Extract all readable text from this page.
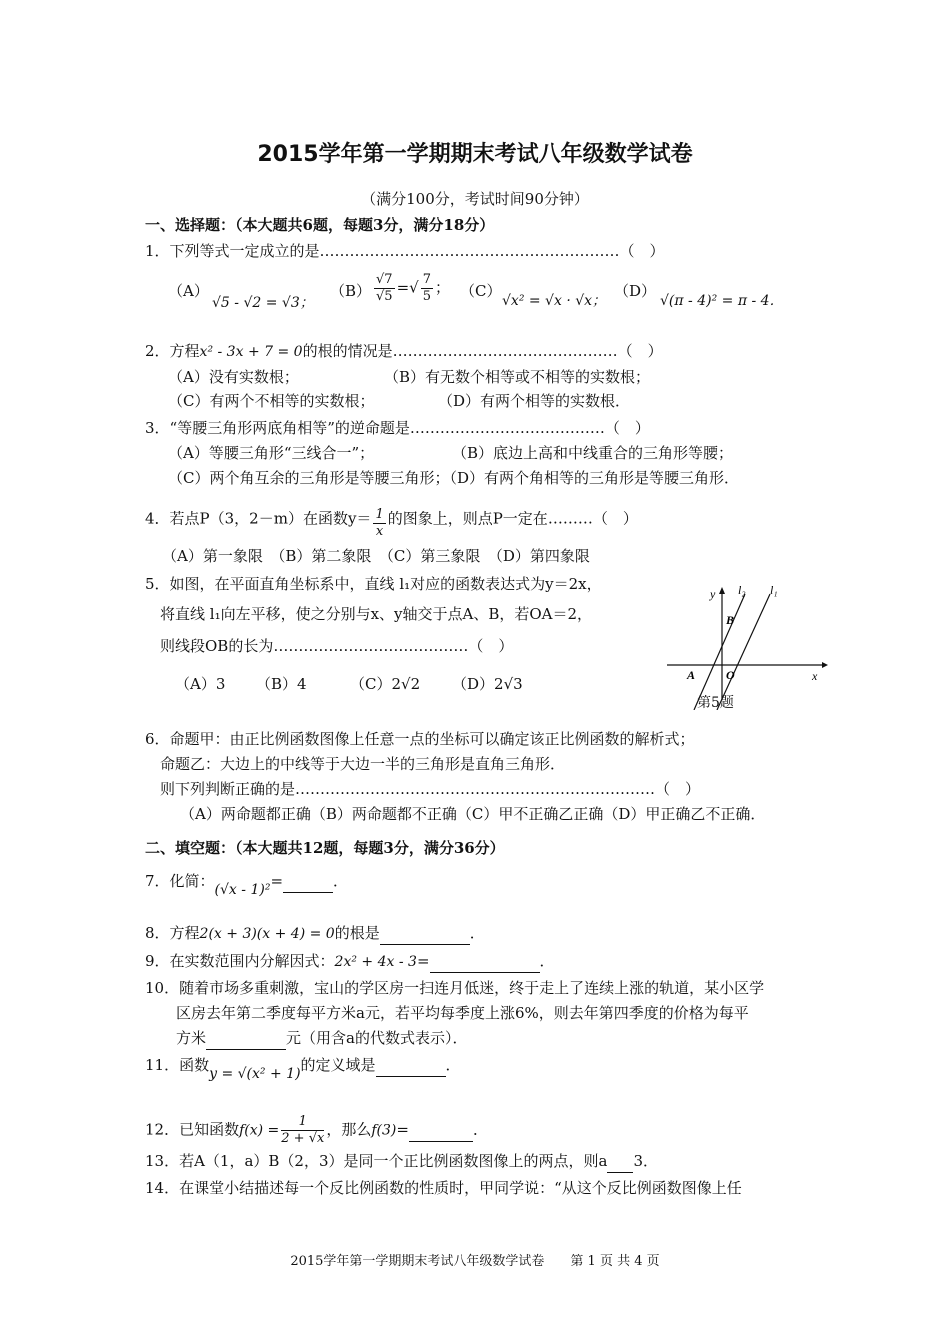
2015学年第一学期期末考试八年级数学试卷
（满分100分，考试时间90分钟）
一、选择题：（本大题共6题，每题3分，满分18分）
1．下列等式一定成立的是……………………………………………………（　）
（A）
√5 - √2 = √3；
$(B) \frac{√7}{√5}$ =√ $\frac{7}{5}$ ； （C）
√x² = √x · √x；
（D）
√(π - 4)² = π - 4．
2．方程x² - 3x + 7 = 0的根的情况是………………………………………（　）
（A）没有实数根；	（B）有无数个相等或不相等的实数根；
（C）有两个不相等的实数根；	（D）有两个相等的实数根．
3．“等腰三角形两底角相等”的逆命题是…………………………………（　）
（A）等腰三角形“三线合一”；	（B）底边上高和中线重合的三角形等腰；
（C）两个角互余的三角形是等腰三角形；（D）有两个角相等的三角形是等腰三角形．
4．若点P（3，2－m）在函数$y= \frac{1}{x}$ 的图象上，则点P一定在………（　）
（A）第一象限　（B）第二象限　（C）第三象限　（D）第四象限
5．如图，在平面直角坐标系中，直线 l₁对应的函数表达式为y＝2x，
将直线 l₁向左平移，使之分别与x、y轴交于点A、B，若OA＝2，
则线段OB的长为…………………………………（　）
（A）3 （B）4	（C）2√2 （D）2√3
y
x
l₂ l₁
B
A	O
第5题
6．命题甲：由正比例函数图像上任意一点的坐标可以确定该正比例函数的解析式；
命题乙：大边上的中线等于大边一半的三角形是直角三角形．
则下列判断正确的是………………………………………………………………（　）
（A）两命题都正确（B）两命题都不正确（C）甲不正确乙正确（D）甲正确乙不正确．
二、填空题：（本大题共12题，每题3分，满分36分）
7．化简：(√x - 1)²=	．
8．方程2(x + 3)(x + 4) = 0的根是	．
9．在实数范围内分解因式：2x² + 4x - 3=	．
10．随着市场多重刺激，宝山的学区房一扫连月低迷，终于走上了连续上涨的轨道，某小区学
区房去年第二季度每平方米a元，若平均每季度上涨6%，则去年第四季度的价格为每平
方米	元（用含a的代数式表示）．
11．函数y = √(x² + 1)的定义域是	．
12．已知函数$f(x) = \frac{1}{2 + √x}$ ，那么f(3)=	．
13．若A（1，a）B（2，3）是同一个正比例函数图像上的两点，则a 3．
14．在课堂小结描述每一个反比例函数的性质时，甲同学说：“从这个反比例函数图像上任
2015学年第一学期期末考试八年级数学试卷　　第 1 页 共 4 页
